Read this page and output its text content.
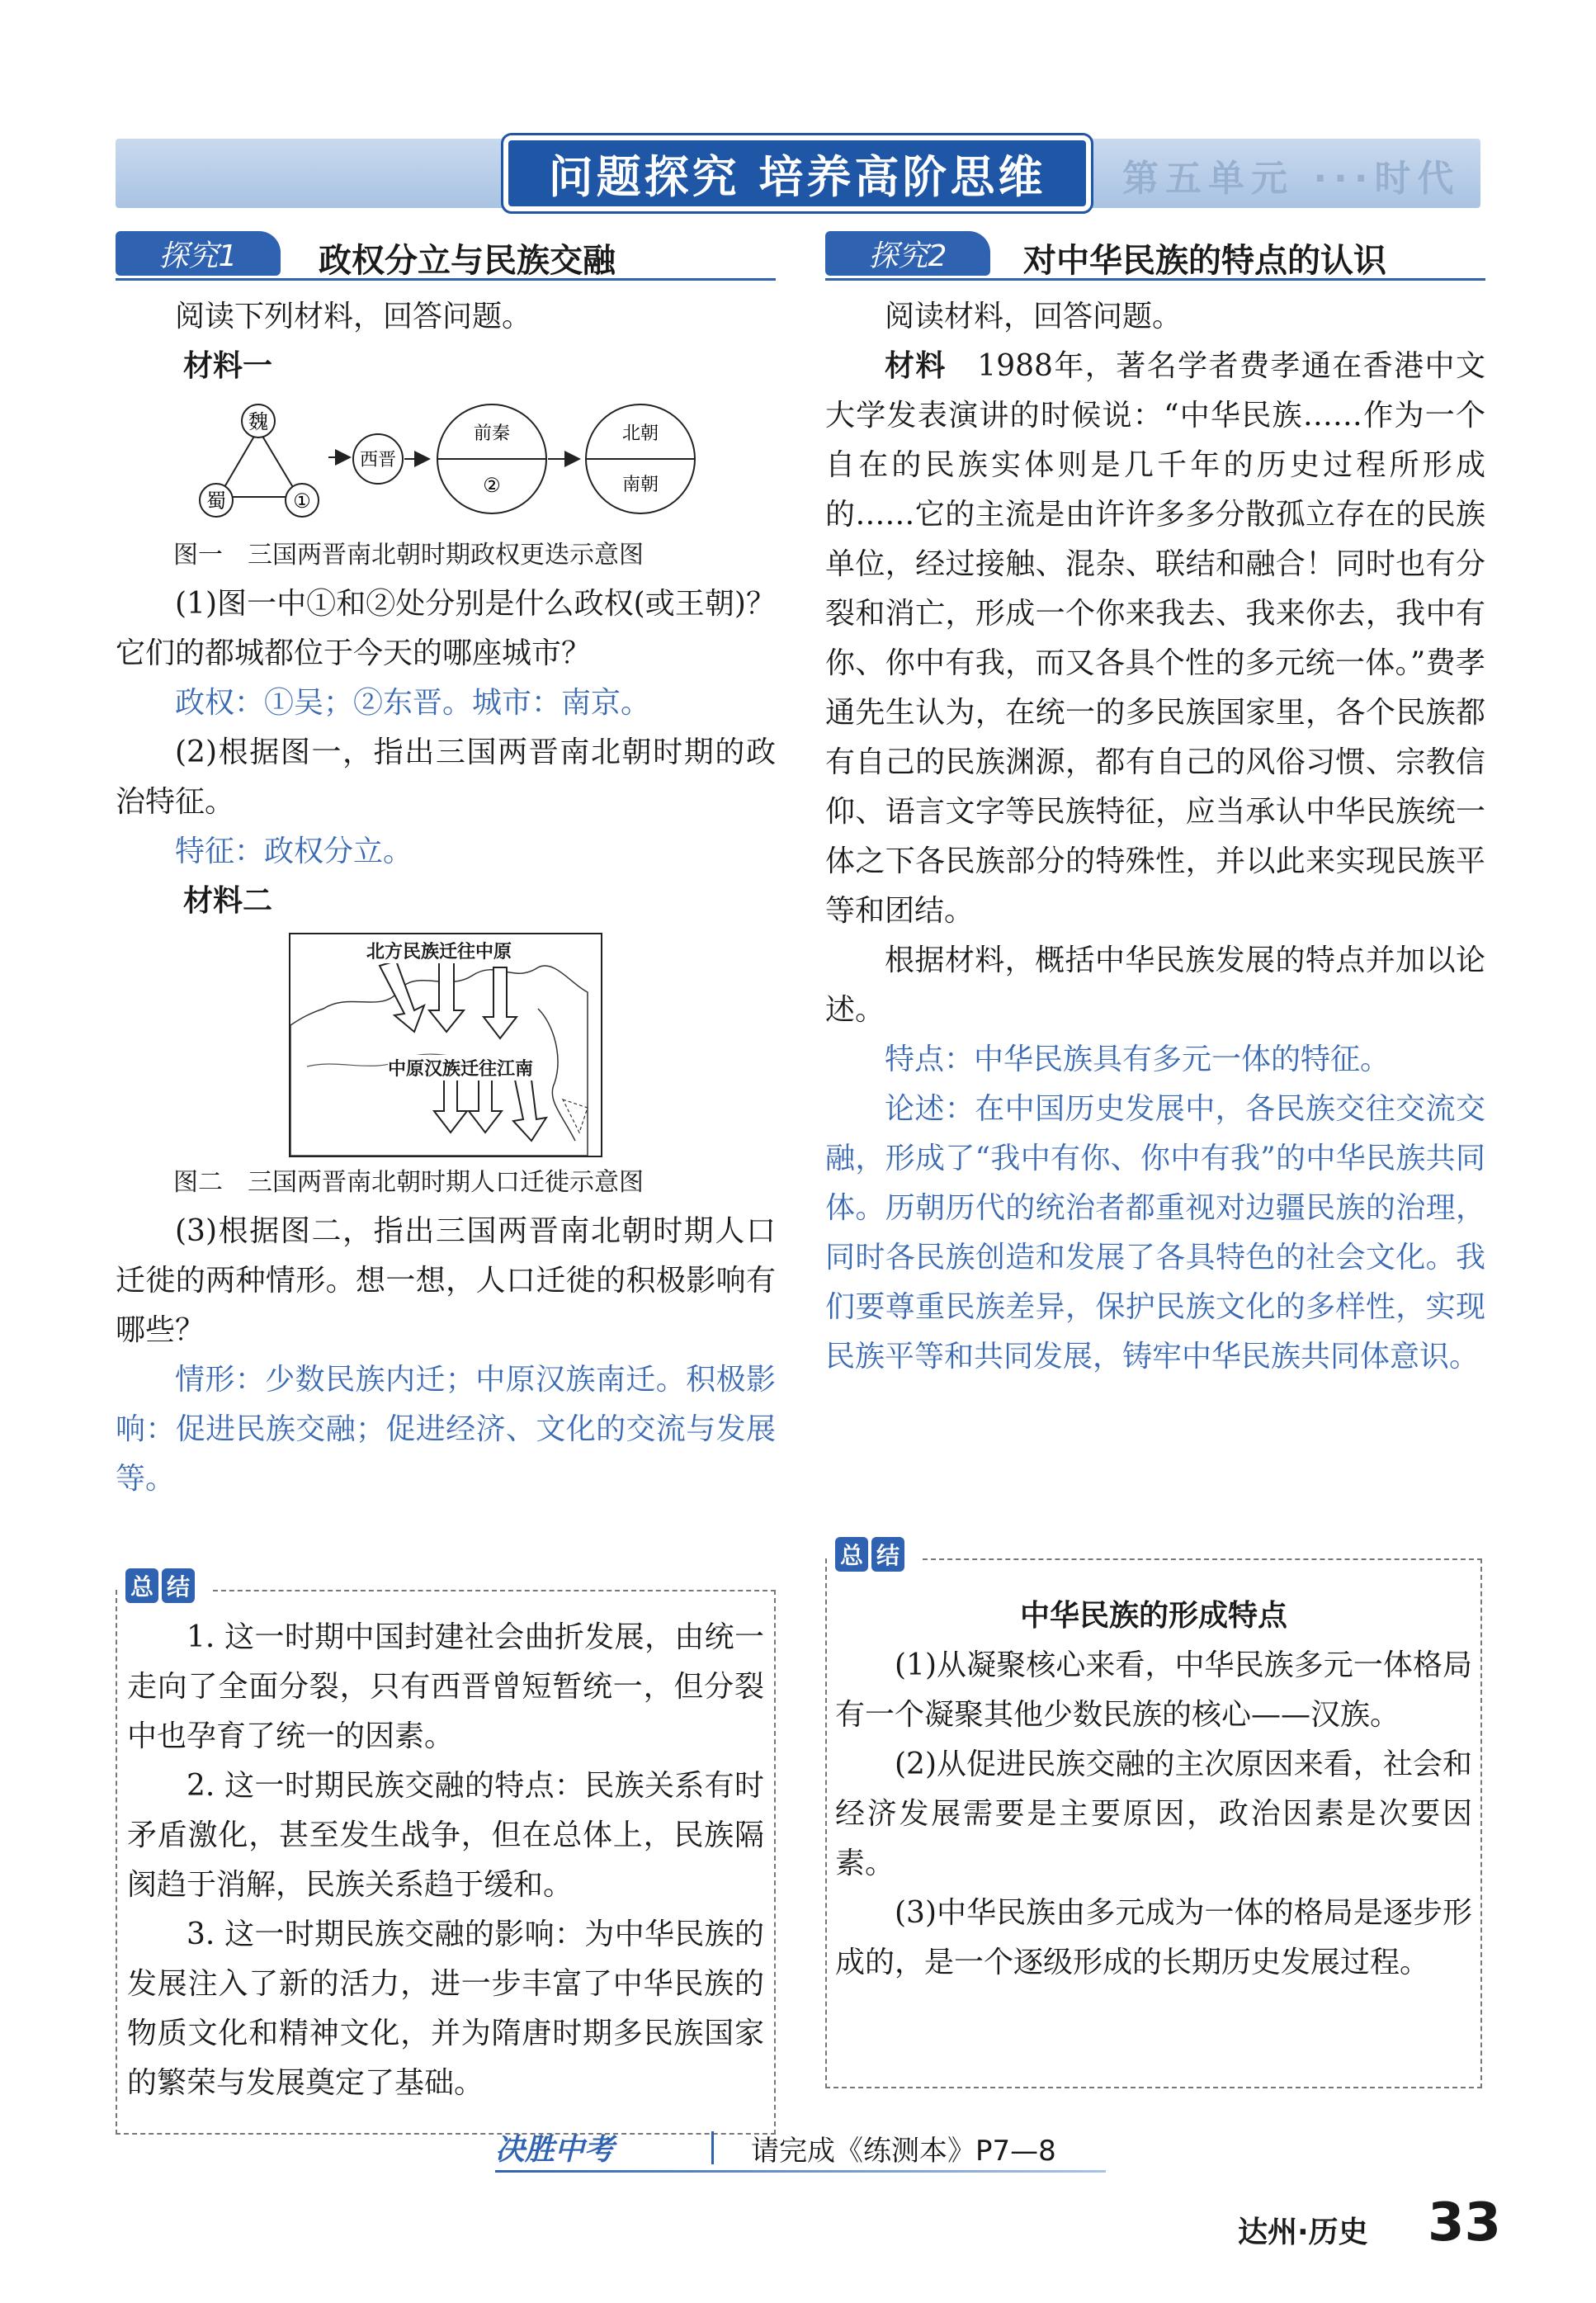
第五单元 ···时代
问题探究 培养高阶思维
探究1	政权分立与民族交融
阅读下列材料，回答问题。
材料一
魏
蜀	①
西晋
前秦
②
北朝
南朝
图一　三国两晋南北朝时期政权更迭示意图
(1)图一中①和②处分别是什么政权(或王朝)？它们的都城都位于今天的哪座城市？
政权：①吴；②东晋。城市：南京。
(2)根据图一，指出三国两晋南北朝时期的政治特征。
特征：政权分立。
材料二
北方民族迁往中原
中原汉族迁往江南
图二　三国两晋南北朝时期人口迁徙示意图
(3)根据图二，指出三国两晋南北朝时期人口迁徙的两种情形。想一想，人口迁徙的积极影响有哪些？
情形：少数民族内迁；中原汉族南迁。积极影响：促进民族交融；促进经济、文化的交流与发展等。
总 结
1. 这一时期中国封建社会曲折发展，由统一走向了全面分裂，只有西晋曾短暂统一，但分裂中也孕育了统一的因素。
2. 这一时期民族交融的特点：民族关系有时矛盾激化，甚至发生战争，但在总体上，民族隔阂趋于消解，民族关系趋于缓和。
3. 这一时期民族交融的影响：为中华民族的发展注入了新的活力，进一步丰富了中华民族的物质文化和精神文化，并为隋唐时期多民族国家的繁荣与发展奠定了基础。
探究2	对中华民族的特点的认识
阅读材料，回答问题。
材料　1988年，著名学者费孝通在香港中文大学发表演讲的时候说：“中华民族……作为一个自在的民族实体则是几千年的历史过程所形成的……它的主流是由许许多多分散孤立存在的民族单位，经过接触、混杂、联结和融合！同时也有分裂和消亡，形成一个你来我去、我来你去，我中有你、你中有我，而又各具个性的多元统一体。”费孝通先生认为，在统一的多民族国家里，各个民族都有自己的民族渊源，都有自己的风俗习惯、宗教信仰、语言文字等民族特征，应当承认中华民族统一体之下各民族部分的特殊性，并以此来实现民族平等和团结。
根据材料，概括中华民族发展的特点并加以论述。
特点：中华民族具有多元一体的特征。
论述：在中国历史发展中，各民族交往交流交融，形成了“我中有你、你中有我”的中华民族共同体。历朝历代的统治者都重视对边疆民族的治理，同时各民族创造和发展了各具特色的社会文化。我们要尊重民族差异，保护民族文化的多样性，实现民族平等和共同发展，铸牢中华民族共同体意识。
总 结
中华民族的形成特点
(1)从凝聚核心来看，中华民族多元一体格局有一个凝聚其他少数民族的核心——汉族。
(2)从促进民族交融的主次原因来看，社会和经济发展需要是主要原因，政治因素是次要因素。
(3)中华民族由多元成为一体的格局是逐步形成的，是一个逐级形成的长期历史发展过程。
决胜中考	请完成《练测本》P7—8
达州·历史 33
